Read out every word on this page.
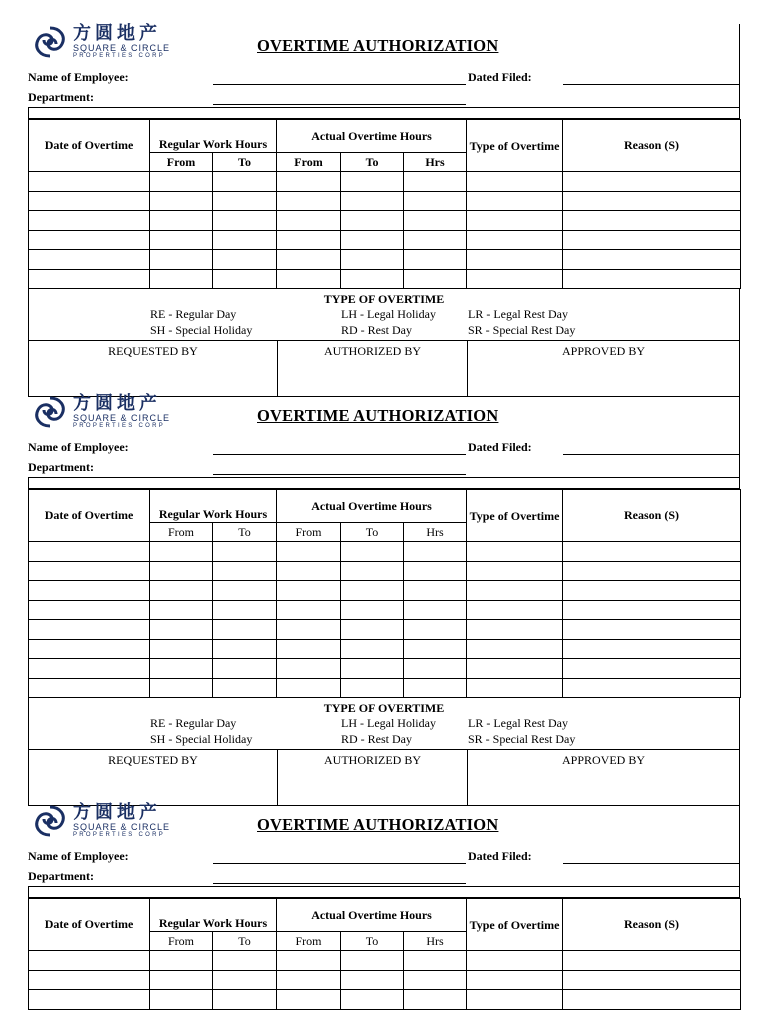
方圆地产
SQUARE & CIRCLE
PROPERTIES CORP
OVERTIME AUTHORIZATION
Name of Employee:	Dated Filed:
Department:
Date of Overtime	Regular Work Hours		Actual Overtime Hours			Type of Overtime	Reason (S)
	From	To	From	To	Hrs		

TYPE OF OVERTIME
RE - Regular Day	LH - Legal Holiday	LR - Legal Rest Day
SH - Special Holiday	RD - Rest Day	SR - Special Rest Day
REQUESTED BY	AUTHORIZED BY	APPROVED BY
方圆地产
SQUARE & CIRCLE
PROPERTIES CORP
OVERTIME AUTHORIZATION
Name of Employee:	Dated Filed:
Department:
Date of Overtime	Regular Work Hours		Actual Overtime Hours			Type of Overtime	Reason (S)
	From	To	From	To	Hrs		

TYPE OF OVERTIME
RE - Regular Day	LH - Legal Holiday	LR - Legal Rest Day
SH - Special Holiday	RD - Rest Day	SR - Special Rest Day
REQUESTED BY	AUTHORIZED BY	APPROVED BY
方圆地产
SQUARE & CIRCLE
PROPERTIES CORP
OVERTIME AUTHORIZATION
Name of Employee:	Dated Filed:
Department:
Date of Overtime	Regular Work Hours		Actual Overtime Hours			Type of Overtime	Reason (S)
	From	To	From	To	Hrs		
